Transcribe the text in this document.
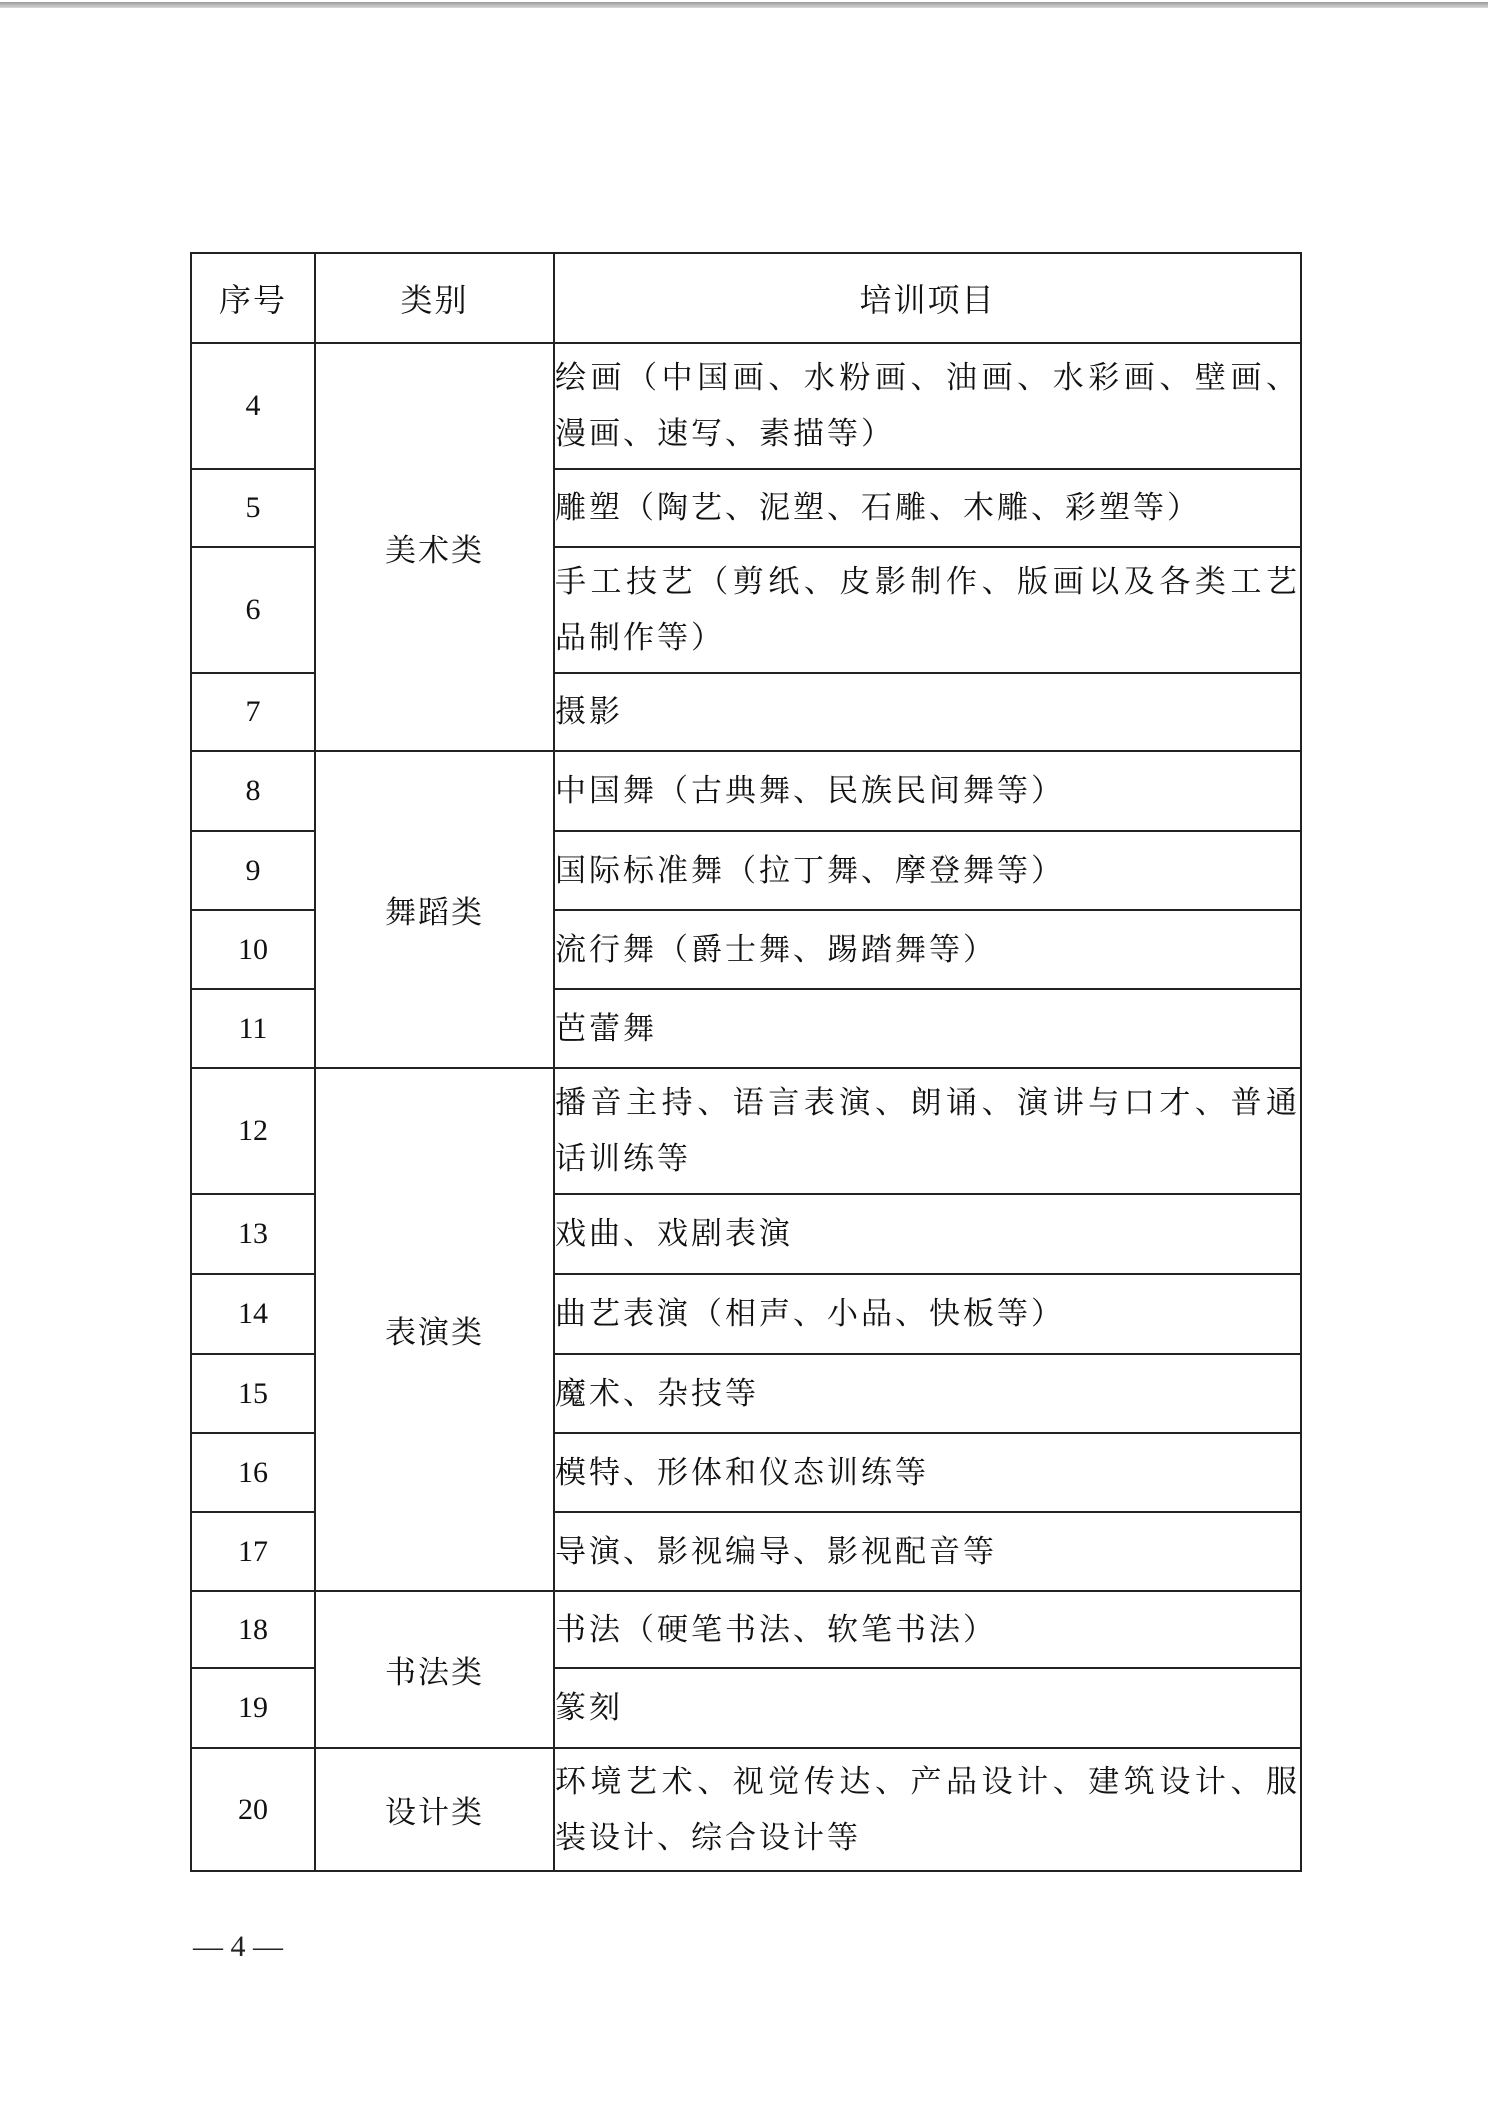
序号	类别	培训项目
4	美术类	绘画（中国画、水粉画、油画、水彩画、壁画、漫画、速写、素描等）
5		雕塑（陶艺、泥塑、石雕、木雕、彩塑等）
6		手工技艺（剪纸、皮影制作、版画以及各类工艺品制作等）
7		摄影
8	舞蹈类	中国舞（古典舞、民族民间舞等）
9		国际标准舞（拉丁舞、摩登舞等）
10		流行舞（爵士舞、踢踏舞等）
11		芭蕾舞
12	表演类	播音主持、语言表演、朗诵、演讲与口才、普通话训练等
13		戏曲、戏剧表演
14		曲艺表演（相声、小品、快板等）
15		魔术、杂技等
16		模特、形体和仪态训练等
17		导演、影视编导、影视配音等
18	书法类	书法（硬笔书法、软笔书法）
19		篆刻
20	设计类	环境艺术、视觉传达、产品设计、建筑设计、服装设计、综合设计等
— 4 —
